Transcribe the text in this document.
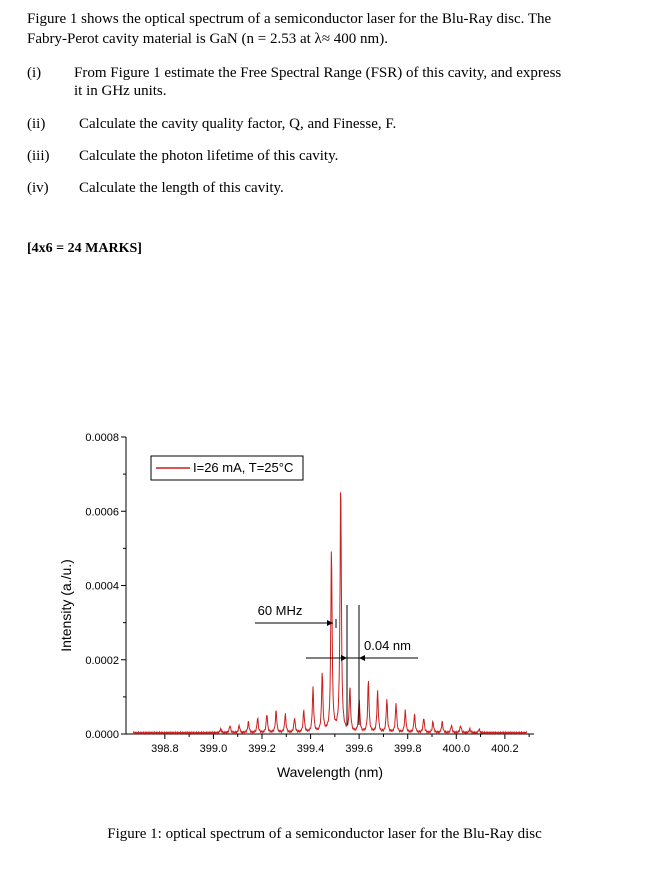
Figure 1 shows the optical spectrum of a semiconductor laser for the Blu-Ray disc. The
Fabry-Perot cavity material is GaN (n = 2.53 at λ≈ 400 nm).
(i) From Figure 1 estimate the Free Spectral Range (FSR) of this cavity, and express
it in GHz units.
(ii) Calculate the cavity quality factor, Q, and Finesse, F.
(iii) Calculate the photon lifetime of this cavity.
(iv) Calculate the length of this cavity.
[4x6 = 24 MARKS]
0.0000
0.0002
0.0004
0.0006
0.0008
398.8 399.0 399.2 399.4 399.6 399.8 400.0 400.2
Wavelength (nm)
Intensity (a./u.)
I=26 mA, T=25°C
60 MHz
0.04 nm
Figure 1: optical spectrum of a semiconductor laser for the Blu-Ray disc
